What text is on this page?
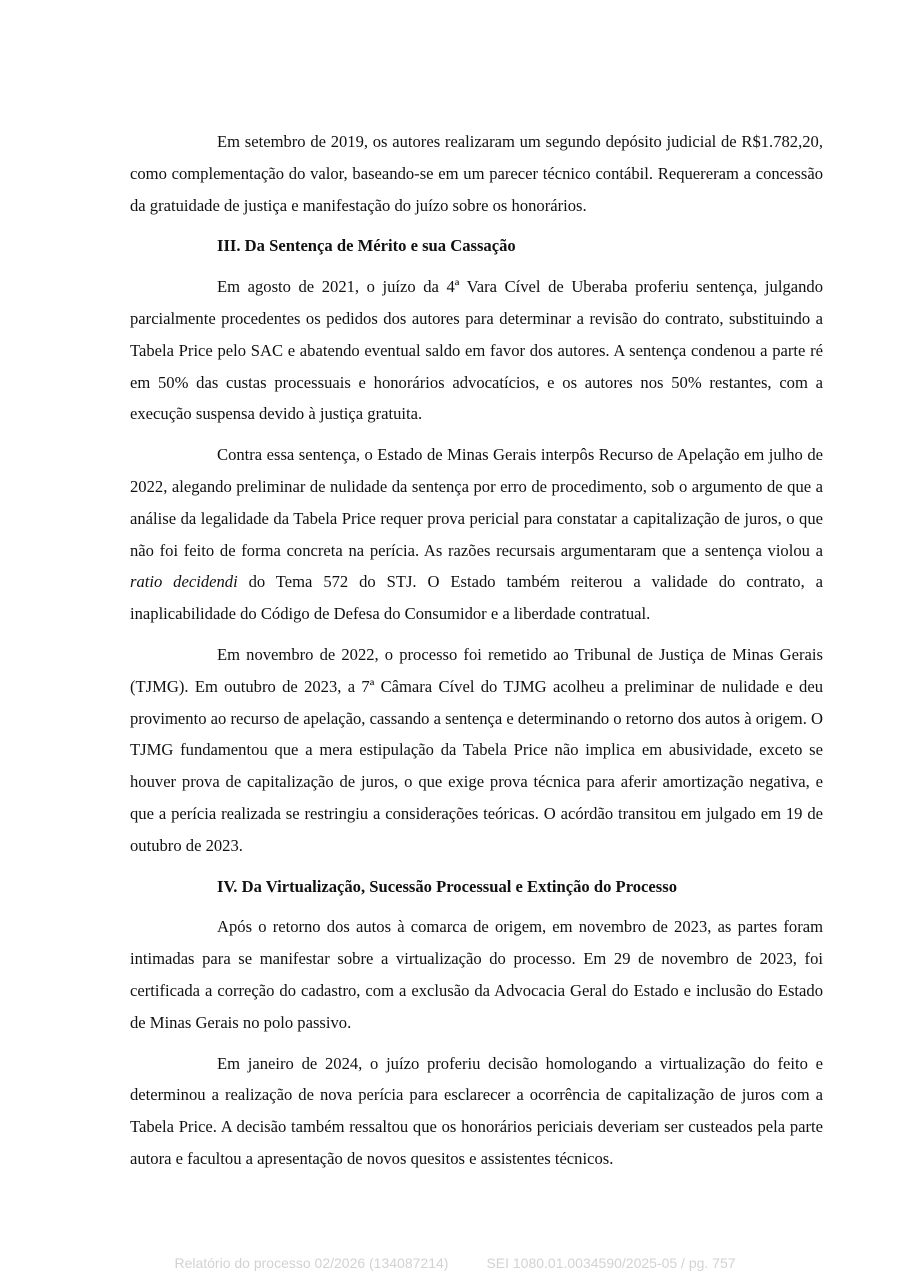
Em setembro de 2019, os autores realizaram um segundo depósito judicial de R$1.782,20, como complementação do valor, baseando-se em um parecer técnico contábil. Requereram a concessão da gratuidade de justiça e manifestação do juízo sobre os honorários.

III. Da Sentença de Mérito e sua Cassação

Em agosto de 2021, o juízo da 4ª Vara Cível de Uberaba proferiu sentença, julgando parcialmente procedentes os pedidos dos autores para determinar a revisão do contrato, substituindo a Tabela Price pelo SAC e abatendo eventual saldo em favor dos autores. A sentença condenou a parte ré em 50% das custas processuais e honorários advocatícios, e os autores nos 50% restantes, com a execução suspensa devido à justiça gratuita.

Contra essa sentença, o Estado de Minas Gerais interpôs Recurso de Apelação em julho de 2022, alegando preliminar de nulidade da sentença por erro de procedimento, sob o argumento de que a análise da legalidade da Tabela Price requer prova pericial para constatar a capitalização de juros, o que não foi feito de forma concreta na perícia. As razões recursais argumentaram que a sentença violou a ratio decidendi do Tema 572 do STJ. O Estado também reiterou a validade do contrato, a inaplicabilidade do Código de Defesa do Consumidor e a liberdade contratual.

Em novembro de 2022, o processo foi remetido ao Tribunal de Justiça de Minas Gerais (TJMG). Em outubro de 2023, a 7ª Câmara Cível do TJMG acolheu a preliminar de nulidade e deu provimento ao recurso de apelação, cassando a sentença e determinando o retorno dos autos à origem. O TJMG fundamentou que a mera estipulação da Tabela Price não implica em abusividade, exceto se houver prova de capitalização de juros, o que exige prova técnica para aferir amortização negativa, e que a perícia realizada se restringiu a considerações teóricas. O acórdão transitou em julgado em 19 de outubro de 2023.

IV. Da Virtualização, Sucessão Processual e Extinção do Processo

Após o retorno dos autos à comarca de origem, em novembro de 2023, as partes foram intimadas para se manifestar sobre a virtualização do processo. Em 29 de novembro de 2023, foi certificada a correção do cadastro, com a exclusão da Advocacia Geral do Estado e inclusão do Estado de Minas Gerais no polo passivo.

Em janeiro de 2024, o juízo proferiu decisão homologando a virtualização do feito e determinou a realização de nova perícia para esclarecer a ocorrência de capitalização de juros com a Tabela Price. A decisão também ressaltou que os honorários periciais deveriam ser custeados pela parte autora e facultou a apresentação de novos quesitos e assistentes técnicos.

Relatório do processo 02/2026 (134087214)	SEI 1080.01.0034590/2025-05 / pg. 757
